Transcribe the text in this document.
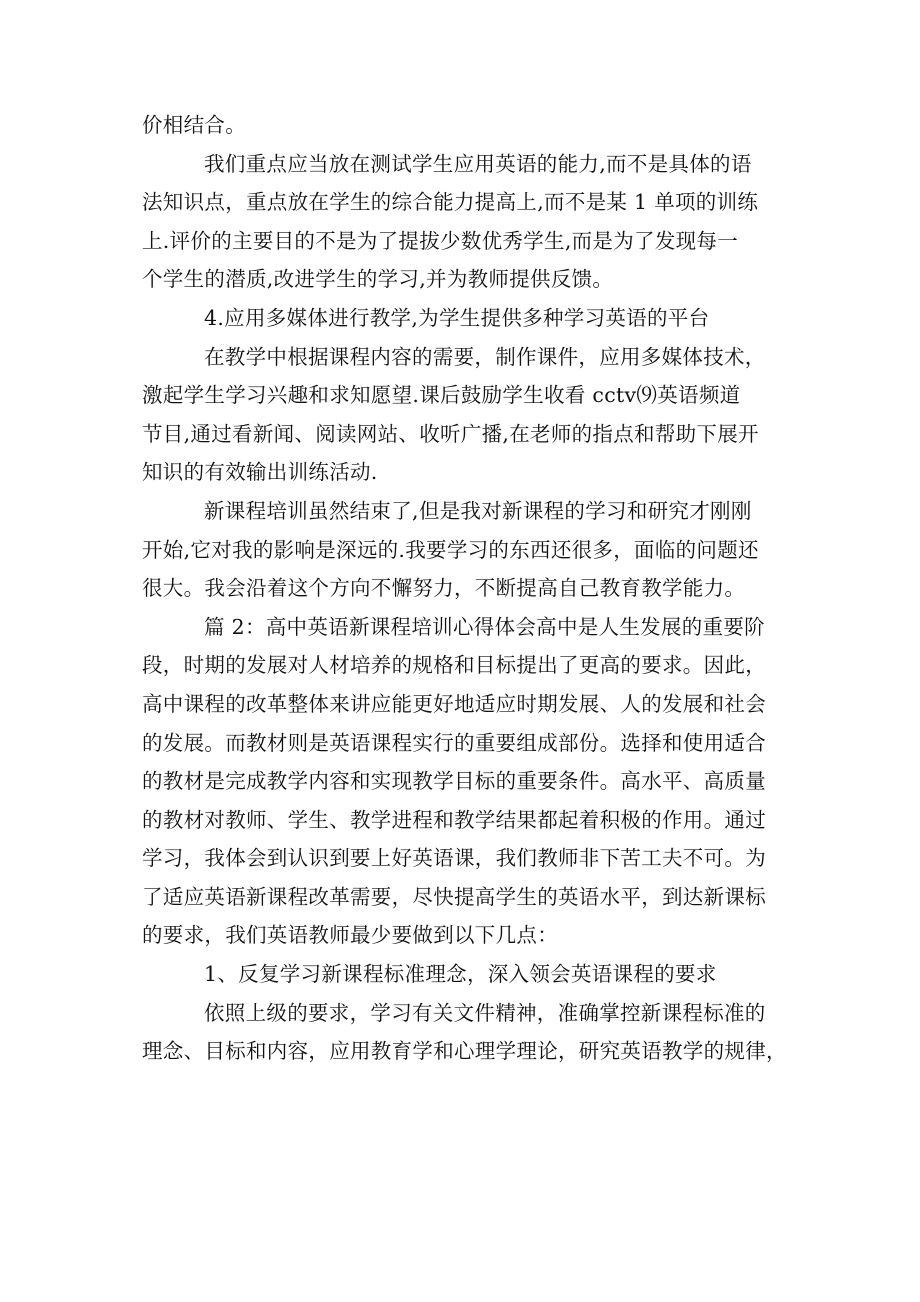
价相结合。
我们重点应当放在测试学生应用英语的能力,而不是具体的语
法知识点，重点放在学生的综合能力提高上,而不是某 1 单项的训练
上.评价的主要目的不是为了提拔少数优秀学生,而是为了发现每一
个学生的潜质,改进学生的学习,并为教师提供反馈。
4.应用多媒体进行教学,为学生提供多种学习英语的平台
在教学中根据课程内容的需要，制作课件，应用多媒体技术，
激起学生学习兴趣和求知愿望.课后鼓励学生收看 cctv⑼英语频道
节目,通过看新闻、阅读网站、收听广播,在老师的指点和帮助下展开
知识的有效输出训练活动.
新课程培训虽然结束了,但是我对新课程的学习和研究才刚刚
开始,它对我的影响是深远的.我要学习的东西还很多，面临的问题还
很大。我会沿着这个方向不懈努力，不断提高自己教育教学能力。
篇 2：高中英语新课程培训心得体会高中是人生发展的重要阶
段，时期的发展对人材培养的规格和目标提出了更高的要求。因此，
高中课程的改革整体来讲应能更好地适应时期发展、人的发展和社会
的发展。而教材则是英语课程实行的重要组成部份。选择和使用适合
的教材是完成教学内容和实现教学目标的重要条件。高水平、高质量
的教材对教师、学生、教学进程和教学结果都起着积极的作用。通过
学习，我体会到认识到要上好英语课，我们教师非下苦工夫不可。为
了适应英语新课程改革需要，尽快提高学生的英语水平，到达新课标
的要求，我们英语教师最少要做到以下几点：
1、反复学习新课程标准理念，深入领会英语课程的要求
依照上级的要求，学习有关文件精神，准确掌控新课程标准的
理念、目标和内容，应用教育学和心理学理论，研究英语教学的规律，
